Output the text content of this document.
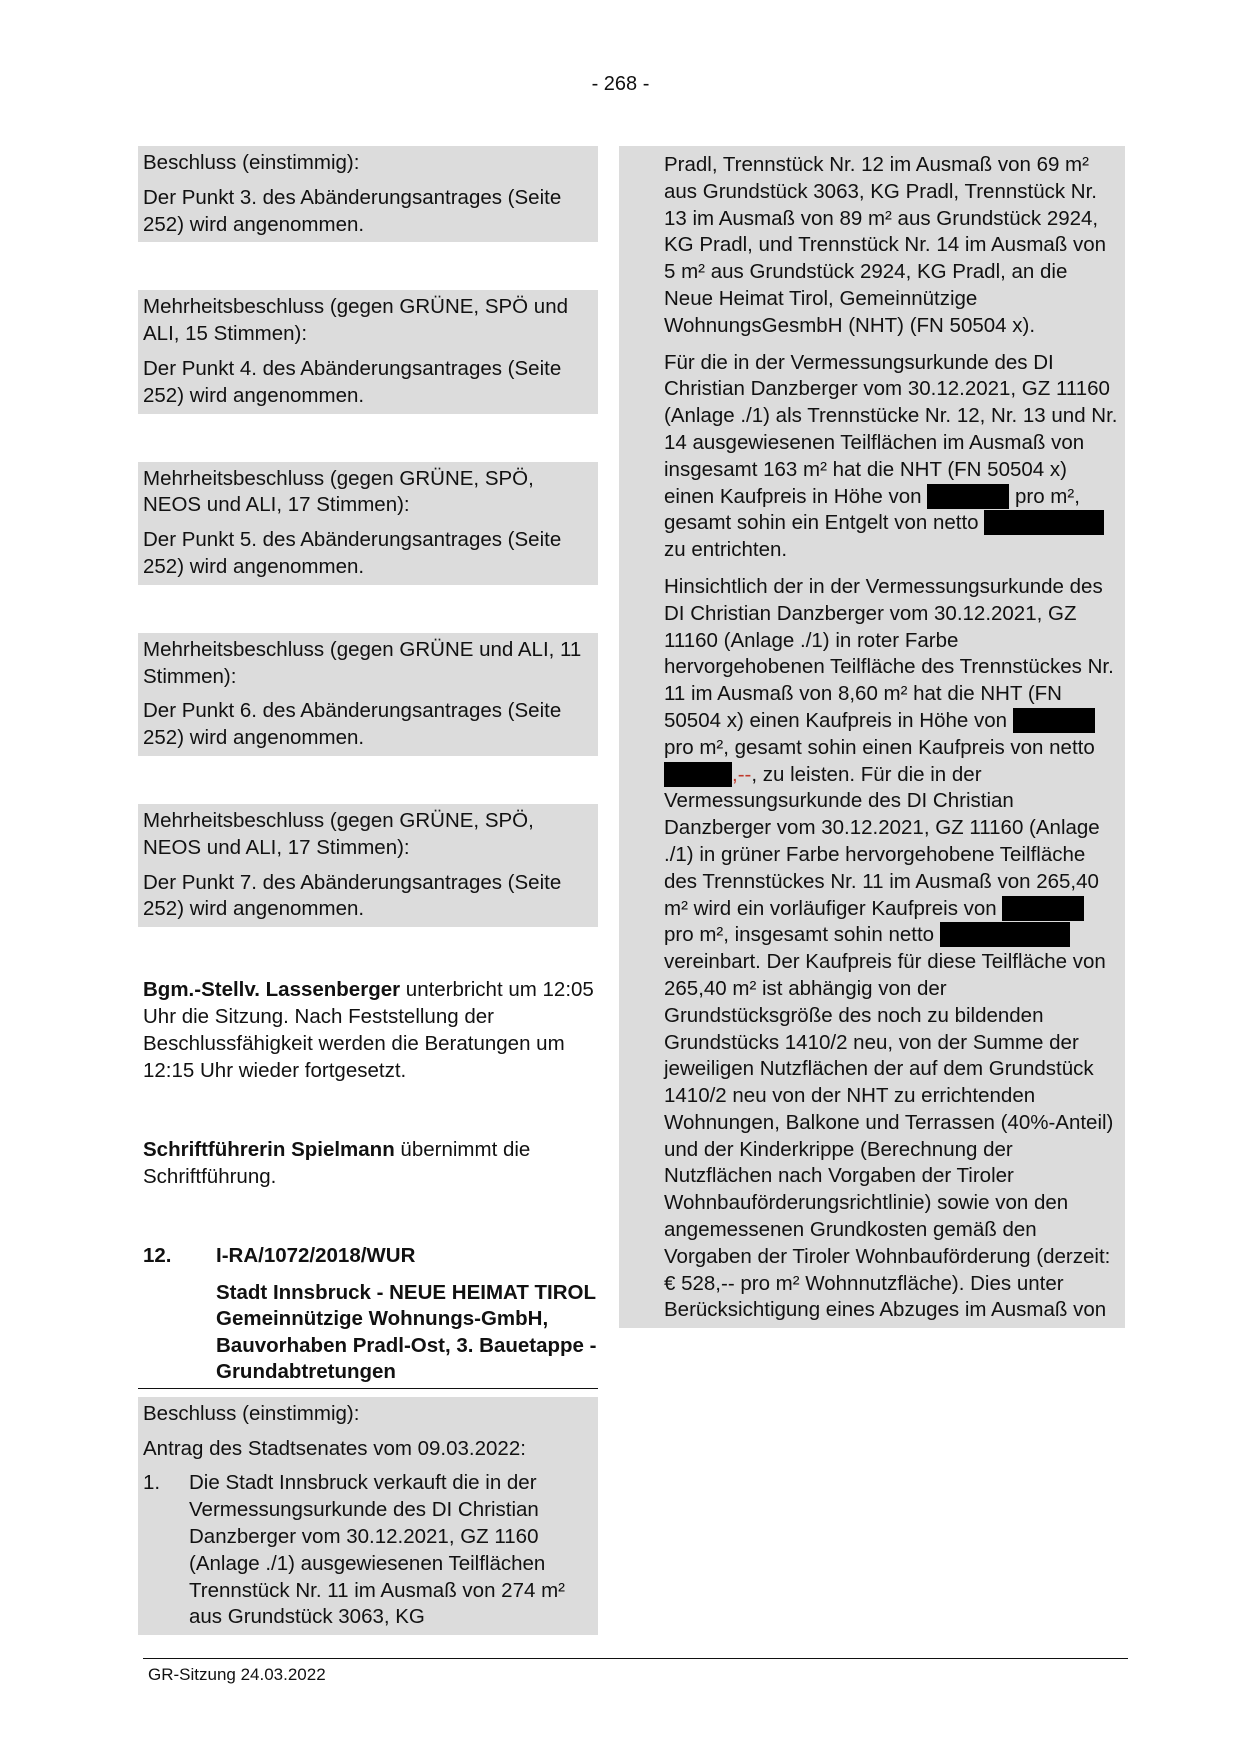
- 268 -

Beschluss (einstimmig):

Der Punkt 3. des Abänderungsantrages (Seite 252) wird angenommen.

Mehrheitsbeschluss (gegen GRÜNE, SPÖ und ALI, 15 Stimmen):

Der Punkt 4. des Abänderungsantrages (Seite 252) wird angenommen.

Mehrheitsbeschluss (gegen GRÜNE, SPÖ, NEOS und ALI, 17 Stimmen):

Der Punkt 5. des Abänderungsantrages (Seite 252) wird angenommen.

Mehrheitsbeschluss (gegen GRÜNE und ALI, 11 Stimmen):

Der Punkt 6. des Abänderungsantrages (Seite 252) wird angenommen.

Mehrheitsbeschluss (gegen GRÜNE, SPÖ, NEOS und ALI, 17 Stimmen):

Der Punkt 7. des Abänderungsantrages (Seite 252) wird angenommen.

Bgm.-Stellv. Lassenberger unterbricht um 12:05 Uhr die Sitzung. Nach Feststellung der Beschlussfähigkeit werden die Beratungen um 12:15 Uhr wieder fortgesetzt.

Schriftführerin Spielmann übernimmt die Schriftführung.

12.	I-RA/1072/2018/WUR
Stadt Innsbruck - NEUE HEIMAT TIROL Gemeinnützige Wohnungs-GmbH, Bauvorhaben Pradl-Ost, 3. Bauetappe - Grundabtretungen

Beschluss (einstimmig):

Antrag des Stadtsenates vom 09.03.2022:

1.	Die Stadt Innsbruck verkauft die in der Vermessungsurkunde des DI Christian Danzberger vom 30.12.2021, GZ 1160 (Anlage ./1) ausgewiesenen Teilflächen Trennstück Nr. 11 im Ausmaß von 274 m² aus Grundstück 3063, KG

Pradl, Trennstück Nr. 12 im Ausmaß von 69 m² aus Grundstück 3063, KG Pradl, Trennstück Nr. 13 im Ausmaß von 89 m² aus Grundstück 2924, KG Pradl, und Trennstück Nr. 14 im Ausmaß von 5 m² aus Grundstück 2924, KG Pradl, an die Neue Heimat Tirol, Gemeinnützige WohnungsGesmbH (NHT) (FN 50504 x).

Für die in der Vermessungsurkunde des DI Christian Danzberger vom 30.12.2021, GZ 11160 (Anlage ./1) als Trennstücke Nr. 12, Nr. 13 und Nr. 14 ausgewiesenen Teilflächen im Ausmaß von insgesamt 163 m² hat die NHT (FN 50504 x) einen Kaufpreis in Höhe von	pro m², gesamt sohin ein Entgelt von netto  zu entrichten.

Hinsichtlich der in der Vermessungsurkunde des DI Christian Danzberger vom 30.12.2021, GZ 11160 (Anlage ./1) in roter Farbe hervorgehobenen Teilfläche des Trennstückes Nr. 11 im Ausmaß von 8,60 m² hat die NHT (FN 50504 x) einen Kaufpreis in Höhe von  pro m², gesamt sohin einen Kaufpreis von netto ,--, zu leisten. Für die in der Vermessungsurkunde des DI Christian Danzberger vom 30.12.2021, GZ 11160 (Anlage ./1) in grüner Farbe hervorgehobene Teilfläche des Trennstückes Nr. 11 im Ausmaß von 265,40 m² wird ein vorläufiger Kaufpreis von  pro m², insgesamt sohin netto  vereinbart. Der Kaufpreis für diese Teilfläche von 265,40 m² ist abhängig von der Grundstücksgröße des noch zu bildenden Grundstücks 1410/2 neu, von der Summe der jeweiligen Nutzflächen der auf dem Grundstück 1410/2 neu von der NHT zu errichtenden Wohnungen, Balkone und Terrassen (40%-Anteil) und der Kinderkrippe (Berechnung der Nutzflächen nach Vorgaben der Tiroler Wohnbauförderungsrichtlinie) sowie von den angemessenen Grundkosten gemäß den Vorgaben der Tiroler Wohnbauförderung (derzeit: € 528,-- pro m² Wohnnutzfläche). Dies unter Berücksichtigung eines Abzuges im Ausmaß von

GR-Sitzung 24.03.2022
